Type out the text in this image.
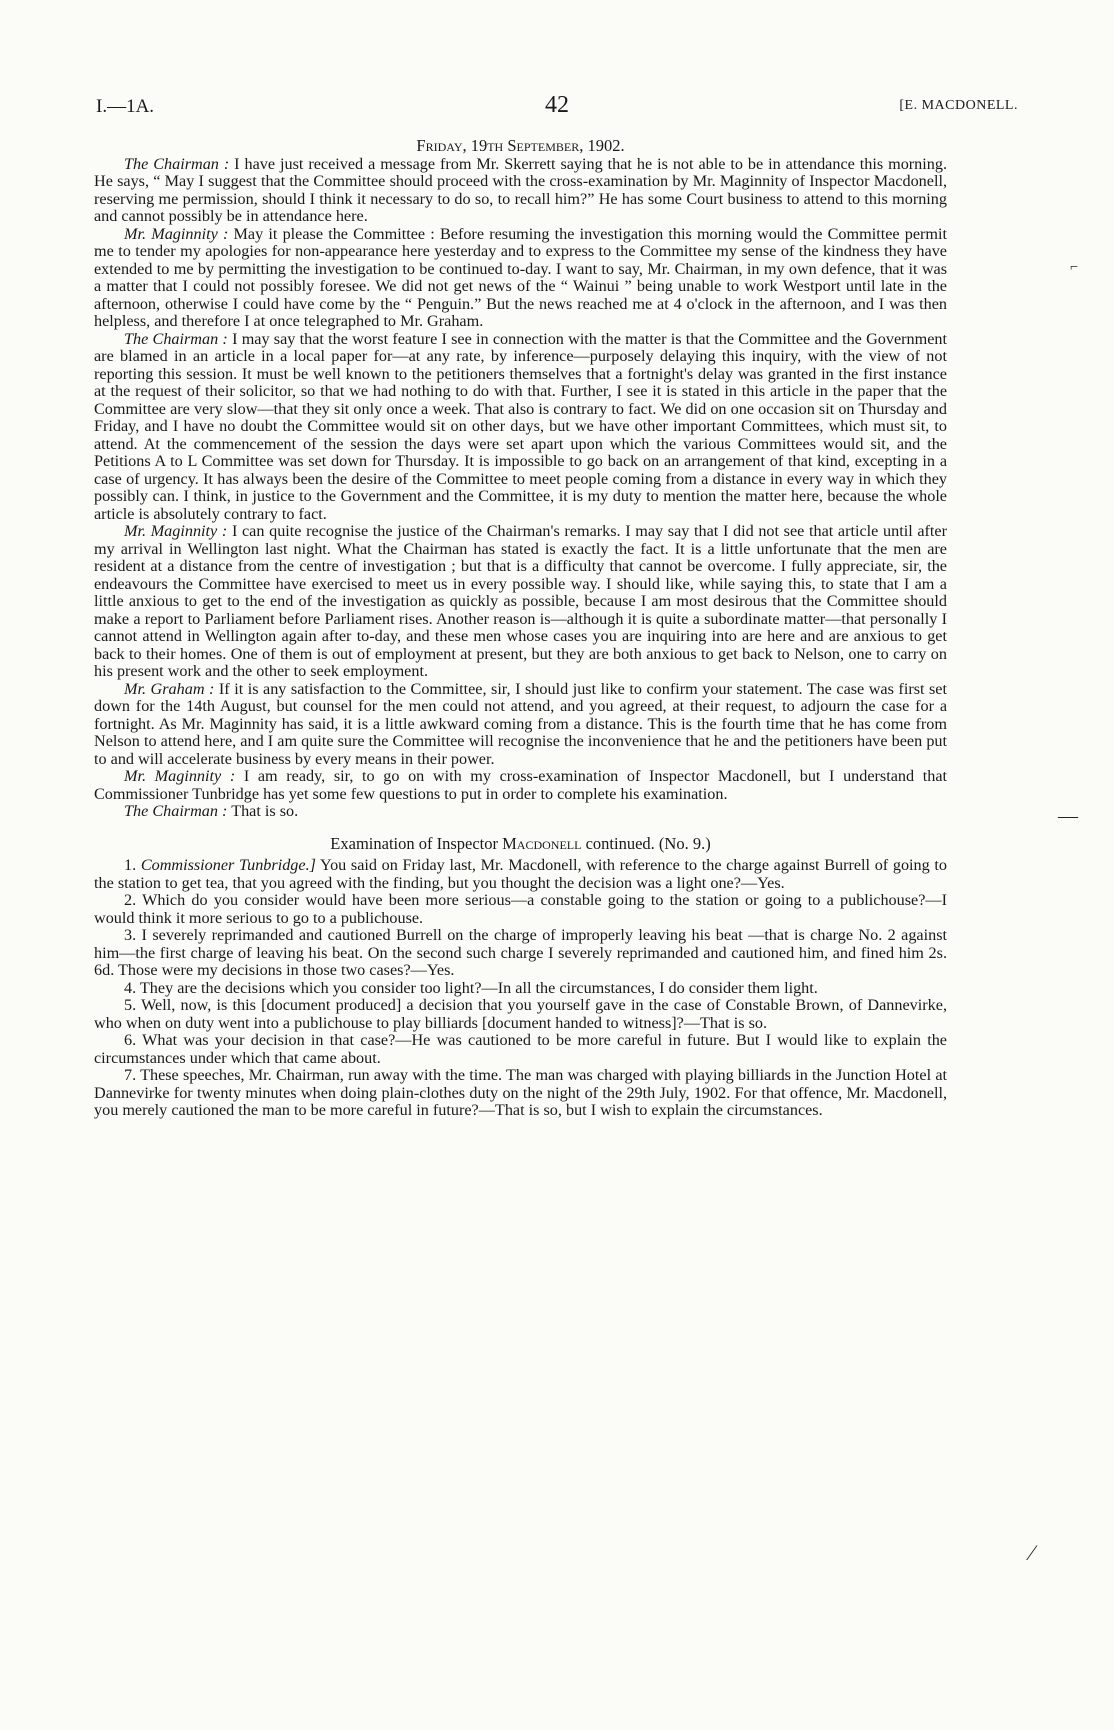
I.—1A.	42	[E. MACDONELL.
⌐
—
⁄

Friday, 19th September, 1902.

The Chairman : I have just received a message from Mr. Skerrett saying that he is not able to be in attendance this morning. He says, “ May I suggest that the Committee should proceed with the cross-examination by Mr. Maginnity of Inspector Macdonell, reserving me permission, should I think it necessary to do so, to recall him?” He has some Court business to attend to this morning and cannot possibly be in attendance here.

Mr. Maginnity : May it please the Committee : Before resuming the investigation this morning would the Committee permit me to tender my apologies for non-appearance here yesterday and to express to the Committee my sense of the kindness they have extended to me by permitting the investigation to be continued to-day. I want to say, Mr. Chairman, in my own defence, that it was a matter that I could not possibly foresee. We did not get news of the “ Wainui ” being unable to work Westport until late in the afternoon, otherwise I could have come by the “ Penguin.” But the news reached me at 4 o'clock in the afternoon, and I was then helpless, and therefore I at once telegraphed to Mr. Graham.

The Chairman : I may say that the worst feature I see in connection with the matter is that the Committee and the Government are blamed in an article in a local paper for—at any rate, by inference—purposely delaying this inquiry, with the view of not reporting this session. It must be well known to the petitioners themselves that a fortnight's delay was granted in the first instance at the request of their solicitor, so that we had nothing to do with that. Further, I see it is stated in this article in the paper that the Committee are very slow—that they sit only once a week. That also is contrary to fact. We did on one occasion sit on Thursday and Friday, and I have no doubt the Committee would sit on other days, but we have other important Committees, which must sit, to attend. At the commencement of the session the days were set apart upon which the various Committees would sit, and the Petitions A to L Committee was set down for Thursday. It is impossible to go back on an arrangement of that kind, excepting in a case of urgency. It has always been the desire of the Committee to meet people coming from a distance in every way in which they possibly can. I think, in justice to the Government and the Committee, it is my duty to mention the matter here, because the whole article is absolutely contrary to fact.

Mr. Maginnity : I can quite recognise the justice of the Chairman's remarks. I may say that I did not see that article until after my arrival in Wellington last night. What the Chairman has stated is exactly the fact. It is a little unfortunate that the men are resident at a distance from the centre of investigation ; but that is a difficulty that cannot be overcome. I fully appreciate, sir, the endeavours the Committee have exercised to meet us in every possible way. I should like, while saying this, to state that I am a little anxious to get to the end of the investigation as quickly as possible, because I am most desirous that the Committee should make a report to Parliament before Parliament rises. Another reason is—although it is quite a subordinate matter—that personally I cannot attend in Wellington again after to-day, and these men whose cases you are inquiring into are here and are anxious to get back to their homes. One of them is out of employment at present, but they are both anxious to get back to Nelson, one to carry on his present work and the other to seek employment.

Mr. Graham : If it is any satisfaction to the Committee, sir, I should just like to confirm your statement. The case was first set down for the 14th August, but counsel for the men could not attend, and you agreed, at their request, to adjourn the case for a fortnight. As Mr. Maginnity has said, it is a little awkward coming from a distance. This is the fourth time that he has come from Nelson to attend here, and I am quite sure the Committee will recognise the inconvenience that he and the petitioners have been put to and will accelerate business by every means in their power.

Mr. Maginnity : I am ready, sir, to go on with my cross-examination of Inspector Macdonell, but I understand that Commissioner Tunbridge has yet some few questions to put in order to complete his examination.

The Chairman : That is so.

Examination of Inspector Macdonell continued. (No. 9.)

1. Commissioner Tunbridge.] You said on Friday last, Mr. Macdonell, with reference to the charge against Burrell of going to the station to get tea, that you agreed with the finding, but you thought the decision was a light one?—Yes.

2. Which do you consider would have been more serious—a constable going to the station or going to a publichouse?—I would think it more serious to go to a publichouse.

3. I severely reprimanded and cautioned Burrell on the charge of improperly leaving his beat —that is charge No. 2 against him—the first charge of leaving his beat. On the second such charge I severely reprimanded and cautioned him, and fined him 2s. 6d. Those were my decisions in those two cases?—Yes.

4. They are the decisions which you consider too light?—In all the circumstances, I do consider them light.

5. Well, now, is this [document produced] a decision that you yourself gave in the case of Constable Brown, of Dannevirke, who when on duty went into a publichouse to play billiards [document handed to witness]?—That is so.

6. What was your decision in that case?—He was cautioned to be more careful in future. But I would like to explain the circumstances under which that came about.

7. These speeches, Mr. Chairman, run away with the time. The man was charged with playing billiards in the Junction Hotel at Dannevirke for twenty minutes when doing plain-clothes duty on the night of the 29th July, 1902. For that offence, Mr. Macdonell, you merely cautioned the man to be more careful in future?—That is so, but I wish to explain the circumstances.
